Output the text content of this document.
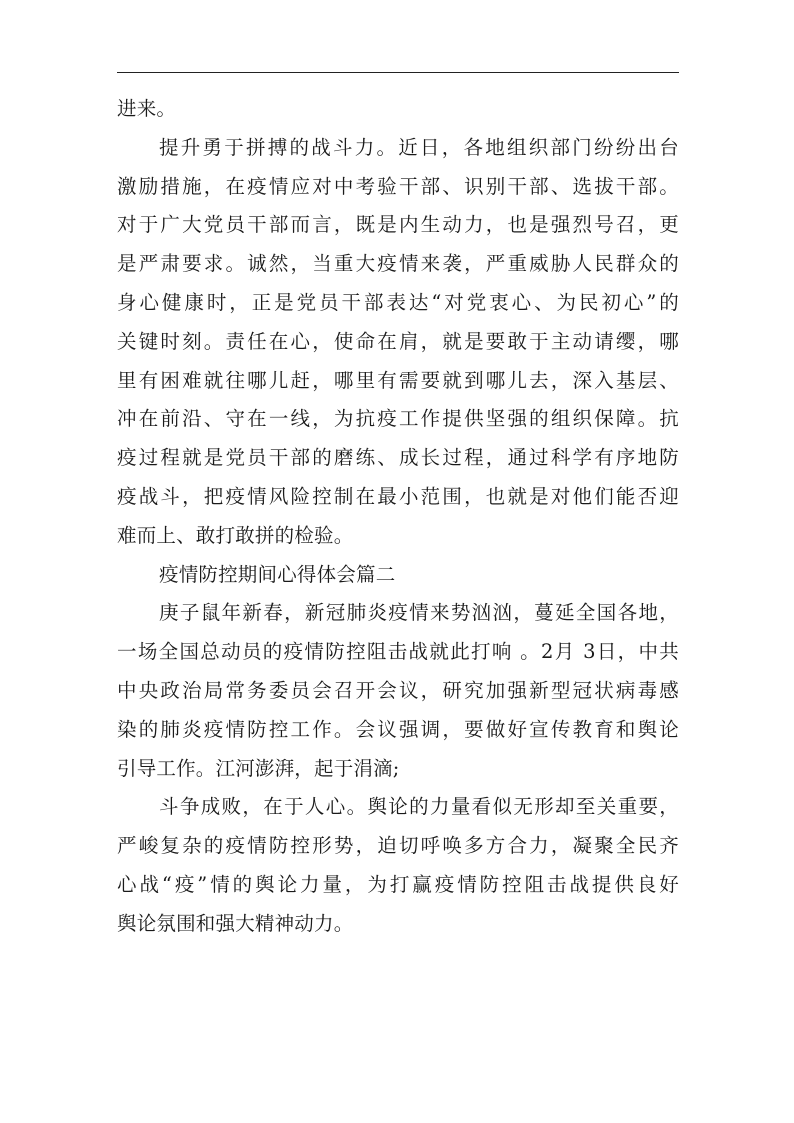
进来。
提升勇于拼搏的战斗力。近日，各地组织部门纷纷出台
激励措施，在疫情应对中考验干部、识别干部、选拔干部。
对于广大党员干部而言，既是内生动力，也是强烈号召，更
是严肃要求。诚然，当重大疫情来袭，严重威胁人民群众的
身心健康时，正是党员干部表达“对党衷心、为民初心”的
关键时刻。责任在心，使命在肩，就是要敢于主动请缨，哪
里有困难就往哪儿赶，哪里有需要就到哪儿去，深入基层、
冲在前沿、守在一线，为抗疫工作提供坚强的组织保障。抗
疫过程就是党员干部的磨练、成长过程，通过科学有序地防
疫战斗，把疫情风险控制在最小范围，也就是对他们能否迎
难而上、敢打敢拼的检验。
疫情防控期间心得体会篇二
庚子鼠年新春，新冠肺炎疫情来势汹汹，蔓延全国各地，
一场全国总动员的疫情防控阻击战就此打响 。2月 3日，中共
中央政治局常务委员会召开会议，研究加强新型冠状病毒感
染的肺炎疫情防控工作。会议强调，要做好宣传教育和舆论
引导工作。江河澎湃，起于涓滴;
斗争成败，在于人心。舆论的力量看似无形却至关重要，
严峻复杂的疫情防控形势，迫切呼唤多方合力，凝聚全民齐
心战“疫”情的舆论力量，为打赢疫情防控阻击战提供良好
舆论氛围和强大精神动力。
